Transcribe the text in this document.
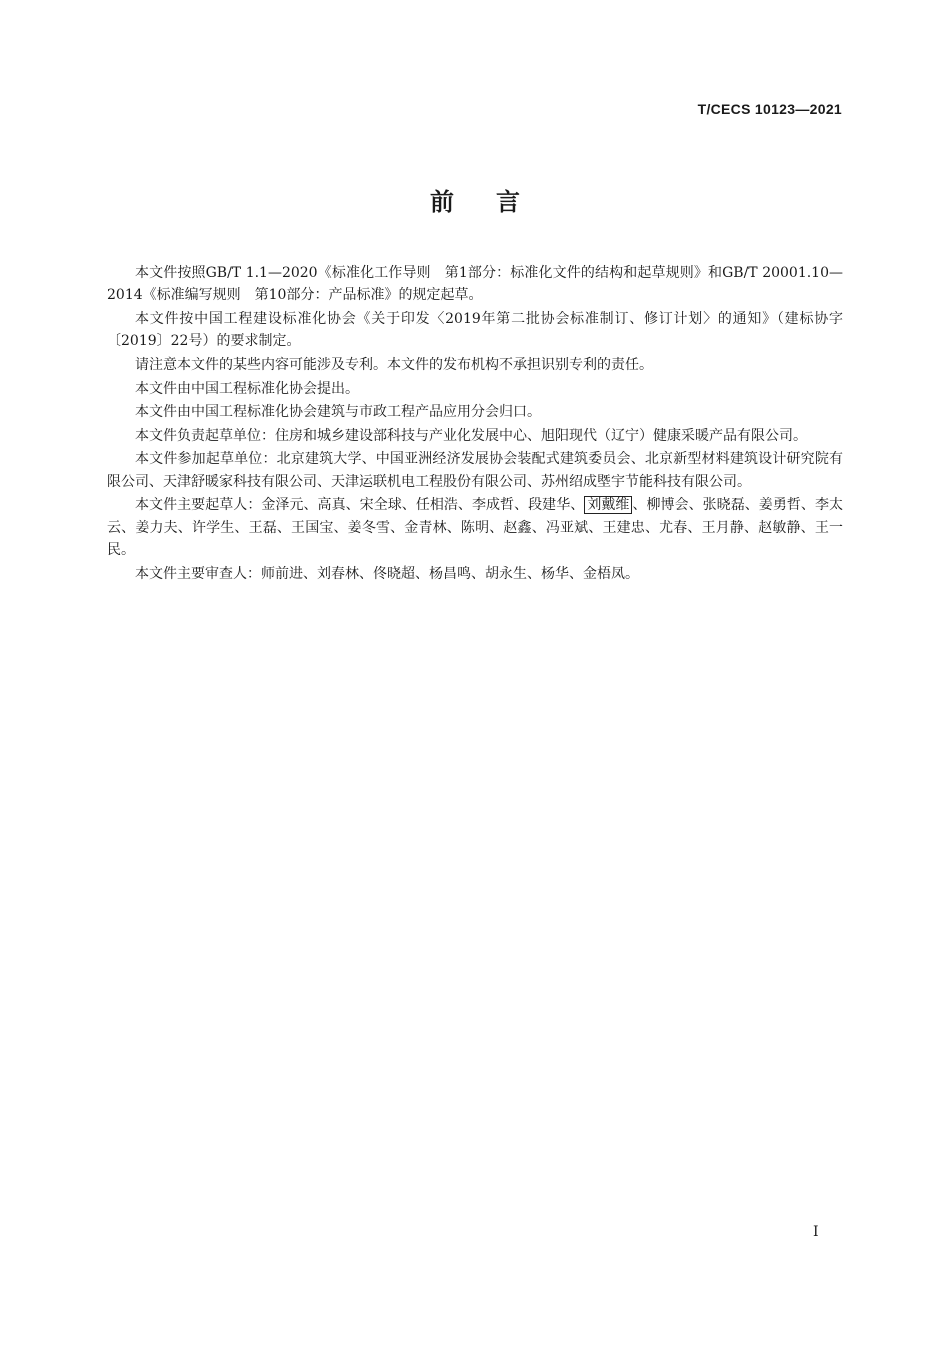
T/CECS 10123—2021
前言

本文件按照GB/T 1.1—2020《标准化工作导则　第1部分：标准化文件的结构和起草规则》和GB/T 20001.10—2014《标准编写规则　第10部分：产品标准》的规定起草。

本文件按中国工程建设标准化协会《关于印发〈2019年第二批协会标准制订、修订计划〉的通知》（建标协字〔2019〕22号）的要求制定。

请注意本文件的某些内容可能涉及专利。本文件的发布机构不承担识别专利的责任。

本文件由中国工程标准化协会提出。

本文件由中国工程标准化协会建筑与市政工程产品应用分会归口。

本文件负责起草单位：住房和城乡建设部科技与产业化发展中心、旭阳现代（辽宁）健康采暖产品有限公司。

本文件参加起草单位：北京建筑大学、中国亚洲经济发展协会装配式建筑委员会、北京新型材料建筑设计研究院有限公司、天津舒暖家科技有限公司、天津运联机电工程股份有限公司、苏州绍成塈宇节能科技有限公司。

本文件主要起草人：金泽元、高真、宋全球、任相浩、李成哲、段建华、 刘戴维 、柳博会、张晓磊、姜勇哲、李太云、姜力夫、许学生、王磊、王国宝、姜冬雪、金青林、陈明、赵鑫、冯亚斌、王建忠、尤春、王月静、赵敏静、王一民。

本文件主要审查人：师前进、刘春林、佟晓超、杨昌鸣、胡永生、杨华、金梧凤。

I
